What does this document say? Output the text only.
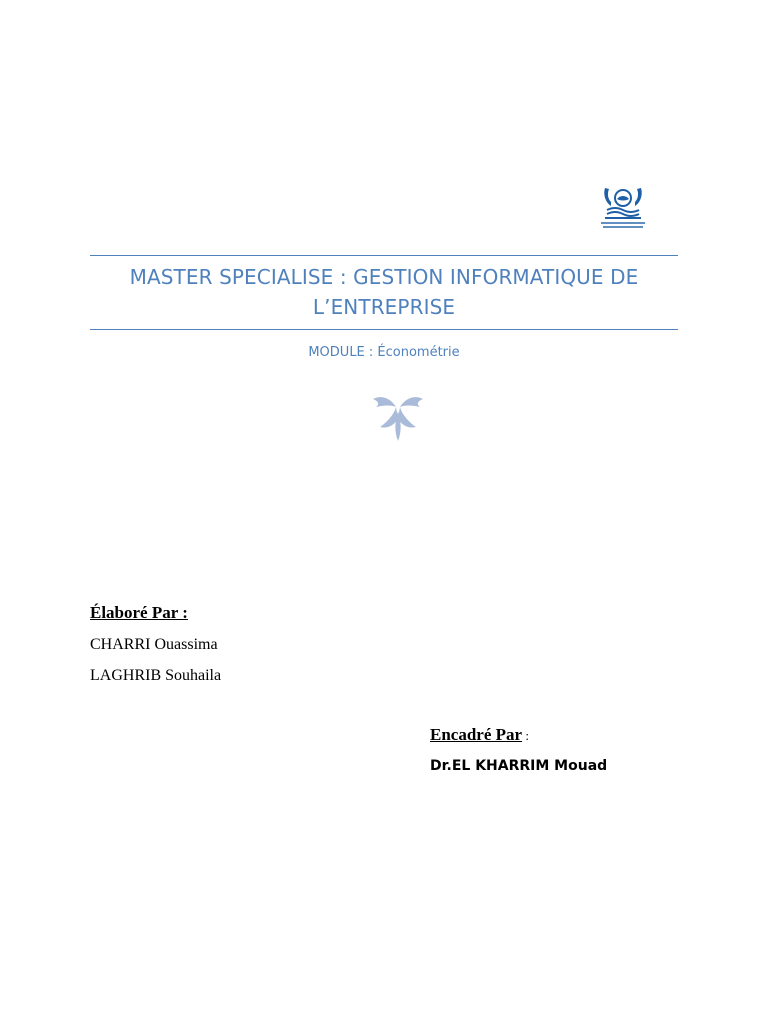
MASTER SPECIALISE : GESTION INFORMATIQUE DE
L’ENTREPRISE
MODULE : Économétrie
Élaboré Par :
CHARRI Ouassima
LAGHRIB Souhaila
Encadré Par :
Dr.EL KHARRIM Mouad
